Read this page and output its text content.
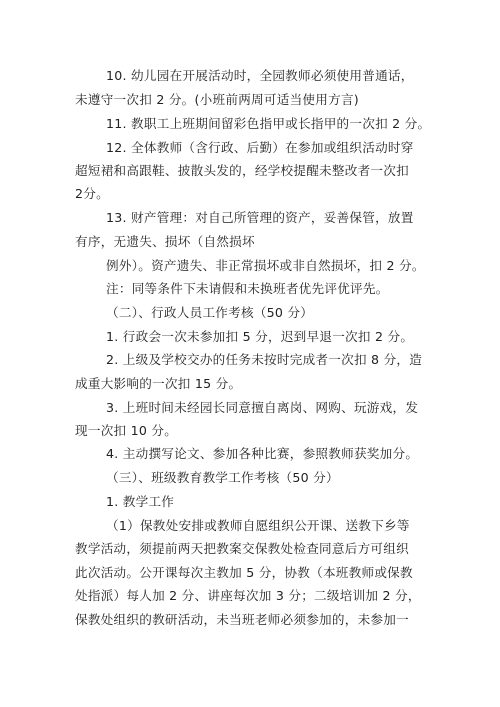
10. 幼儿园在开展活动时，全园教师必须使用普通话，
未遵守一次扣 2 分。(小班前两周可适当使用方言)
11. 教职工上班期间留彩色指甲或长指甲的一次扣 2 分。
12. 全体教师（含行政、后勤）在参加或组织活动时穿
超短裙和高跟鞋、披散头发的，经学校提醒未整改者一次扣
2分。
13. 财产管理：对自己所管理的资产，妥善保管，放置
有序，无遗失、损坏（自然损坏
例外）。资产遗失、非正常损坏或非自然损坏，扣 2 分。
注：同等条件下未请假和未换班者优先评优评先。
（二）、行政人员工作考核（50 分）
1. 行政会一次未参加扣 5 分，迟到早退一次扣 2 分。
2. 上级及学校交办的任务未按时完成者一次扣 8 分，造
成重大影响的一次扣 15 分。
3. 上班时间未经园长同意擅自离岗、网购、玩游戏，发
现一次扣 10 分。
4. 主动撰写论文、参加各种比赛，参照教师获奖加分。
（三）、班级教育教学工作考核（50 分）
1. 教学工作
（1）保教处安排或教师自愿组织公开课、送教下乡等
教学活动，须提前两天把教案交保教处检查同意后方可组织
此次活动。公开课每次主教加 5 分，协教（本班教师或保教
处指派）每人加 2 分、讲座每次加 3 分；二级培训加 2 分，
保教处组织的教研活动，未当班老师必须参加的，未参加一
